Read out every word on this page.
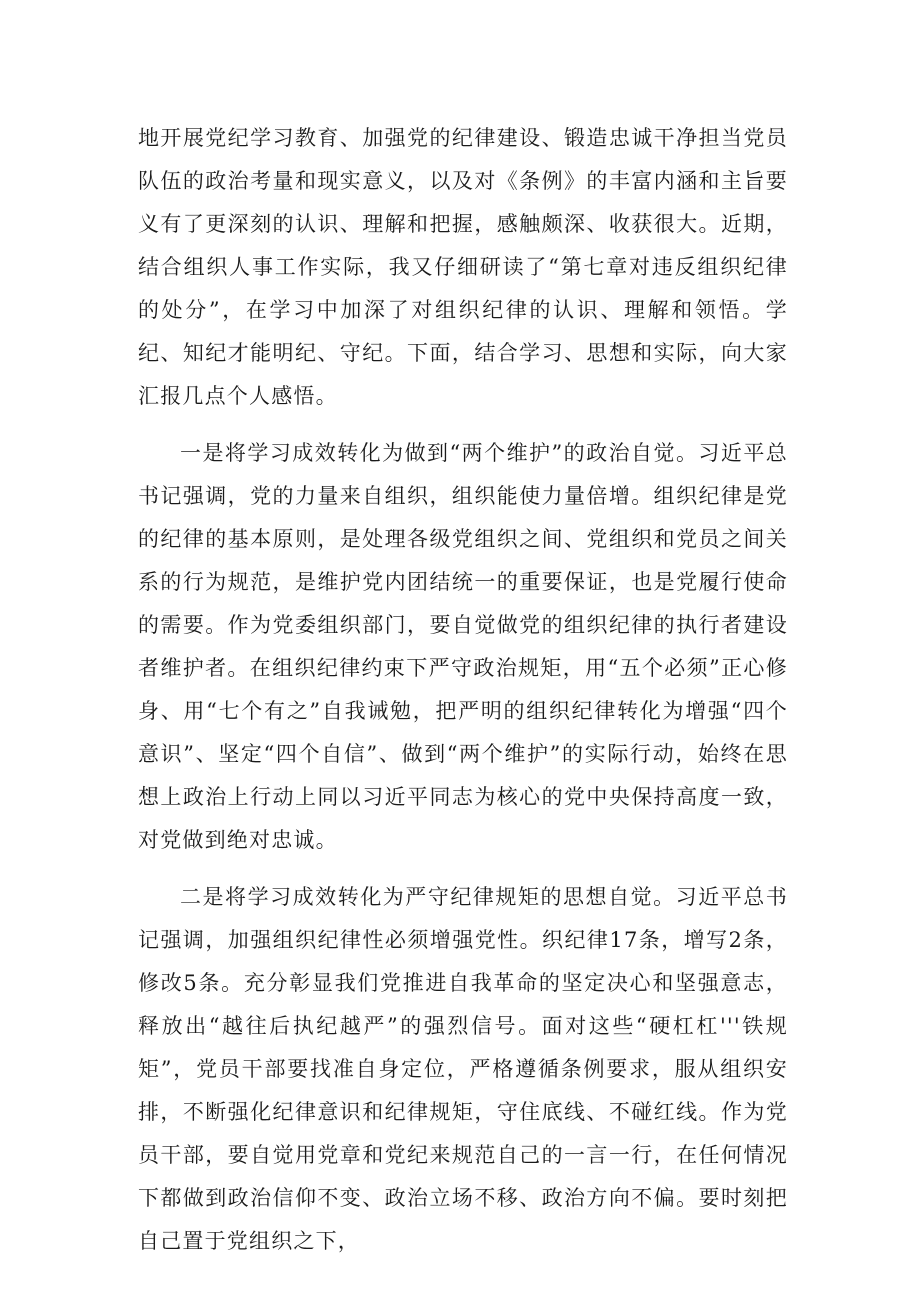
地开展党纪学习教育、加强党的纪律建设、锻造忠诚干净担当党员队伍的政治考量和现实意义，以及对《条例》的丰富内涵和主旨要义有了更深刻的认识、理解和把握，感触颇深、收获很大。近期，结合组织人事工作实际，我又仔细研读了“第七章对违反组织纪律的处分”，在学习中加深了对组织纪律的认识、理解和领悟。学纪、知纪才能明纪、守纪。下面，结合学习、思想和实际，向大家汇报几点个人感悟。

一是将学习成效转化为做到“两个维护”的政治自觉。习近平总书记强调，党的力量来自组织，组织能使力量倍增。组织纪律是党的纪律的基本原则，是处理各级党组织之间、党组织和党员之间关系的行为规范，是维护党内团结统一的重要保证，也是党履行使命的需要。作为党委组织部门，要自觉做党的组织纪律的执行者建设者维护者。在组织纪律约束下严守政治规矩，用“五个必须”正心修身、用“七个有之”自我诫勉，把严明的组织纪律转化为增强“四个意识”、坚定“四个自信”、做到“两个维护”的实际行动，始终在思想上政治上行动上同以习近平同志为核心的党中央保持高度一致，对党做到绝对忠诚。

二是将学习成效转化为严守纪律规矩的思想自觉。习近平总书记强调，加强组织纪律性必须增强党性。织纪律17条，增写2条，修改5条。充分彰显我们党推进自我革命的坚定决心和坚强意志，释放出“越往后执纪越严”的强烈信号。面对这些“硬杠杠'''铁规矩”，党员干部要找准自身定位，严格遵循条例要求，服从组织安排，不断强化纪律意识和纪律规矩，守住底线、不碰红线。作为党员干部，要自觉用党章和党纪来规范自己的一言一行，在任何情况下都做到政治信仰不变、政治立场不移、政治方向不偏。要时刻把自己置于党组织之下，
